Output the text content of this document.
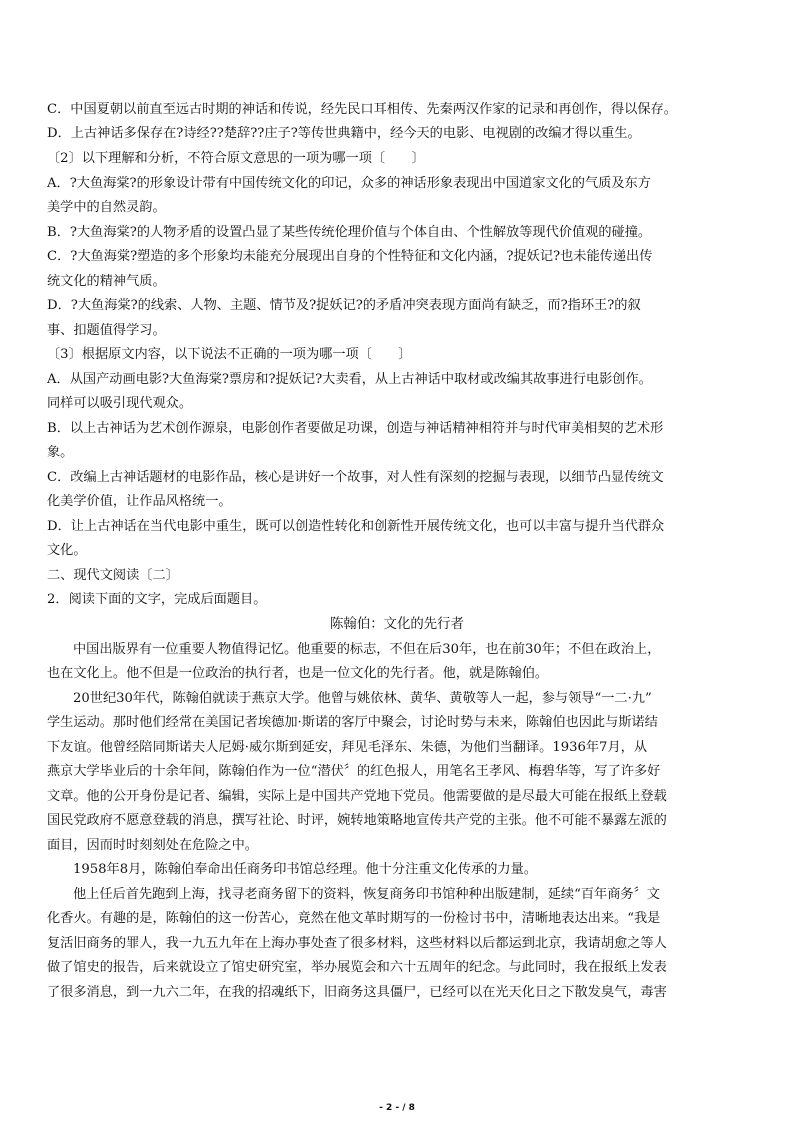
C．中国夏朝以前直至远古时期的神话和传说，经先民口耳相传、先秦两汉作家的记录和再创作，得以保存。
D．上古神话多保存在?诗经??楚辞??庄子?等传世典籍中，经今天的电影、电视剧的改编才得以重生。
〔2〕以下理解和分析，不符合原文意思的一项为哪一项〔　　〕
A．?大鱼海棠?的形象设计带有中国传统文化的印记，众多的神话形象表现出中国道家文化的气质及东方
美学中的自然灵韵。
B．?大鱼海棠?的人物矛盾的设置凸显了某些传统伦理价值与个体自由、个性解放等现代价值观的碰撞。
C．?大鱼海棠?塑造的多个形象均未能充分展现出自身的个性特征和文化内涵，?捉妖记?也未能传递出传
统文化的精神气质。
D．?大鱼海棠?的线索、人物、主题、情节及?捉妖记?的矛盾冲突表现方面尚有缺乏，而?指环王?的叙
事、扣题值得学习。
〔3〕根据原文内容，以下说法不正确的一项为哪一项〔　　〕
A．从国产动画电影?大鱼海棠?票房和?捉妖记?大卖看，从上古神话中取材或改编其故事进行电影创作。
同样可以吸引现代观众。
B．以上古神话为艺术创作源泉，电影创作者要做足功课，创造与神话精神相符并与时代审美相契的艺术形
象。
C．改编上古神话题材的电影作品，核心是讲好一个故事，对人性有深刻的挖掘与表现，以细节凸显传统文
化美学价值，让作品风格统一。
D．让上古神话在当代电影中重生，既可以创造性转化和创新性开展传统文化，也可以丰富与提升当代群众
文化。
二、现代文阅读〔二〕
2．阅读下面的文字，完成后面题目。
陈翰伯：文化的先行者
中国出版界有一位重要人物值得记忆。他重要的标志，不但在后30年，也在前30年；不但在政治上，
也在文化上。他不但是一位政治的执行者，也是一位文化的先行者。他，就是陈翰伯。
20世纪30年代，陈翰伯就读于燕京大学。他曾与姚依林、黄华、黄敬等人一起，参与领导“一二·九”
学生运动。那时他们经常在美国记者埃德加·斯诺的客厅中聚会，讨论时势与未来，陈翰伯也因此与斯诺结
下友谊。他曾经陪同斯诺夫人尼姆·威尔斯到延安，拜见毛泽东、朱德，为他们当翻译。1936年7月，从
燕京大学毕业后的十余年间，陈翰伯作为一位“潜伏〞的红色报人，用笔名王孝风、梅碧华等，写了许多好
文章。他的公开身份是记者、编辑，实际上是中国共产党地下党员。他需要做的是尽最大可能在报纸上登载
国民党政府不愿意登载的消息，撰写社论、时评，婉转地策略地宣传共产党的主张。他不可能不暴露左派的
面目，因而时时刻刻处在危险之中。
1958年8月，陈翰伯奉命出任商务印书馆总经理。他十分注重文化传承的力量。
他上任后首先跑到上海，找寻老商务留下的资料，恢复商务印书馆种种出版建制，延续“百年商务〞文
化香火。有趣的是，陈翰伯的这一份苦心，竟然在他文革时期写的一份检讨书中，清晰地表达出来。“我是
复活旧商务的罪人，我一九五九年在上海办事处查了很多材料，这些材料以后都运到北京，我请胡愈之等人
做了馆史的报告，后来就设立了馆史研究室，举办展览会和六十五周年的纪念。与此同时，我在报纸上发表
了很多消息，到一九六二年，在我的招魂纸下，旧商务这具僵尸，已经可以在光天化日之下散发臭气，毒害
- 2 - / 8
